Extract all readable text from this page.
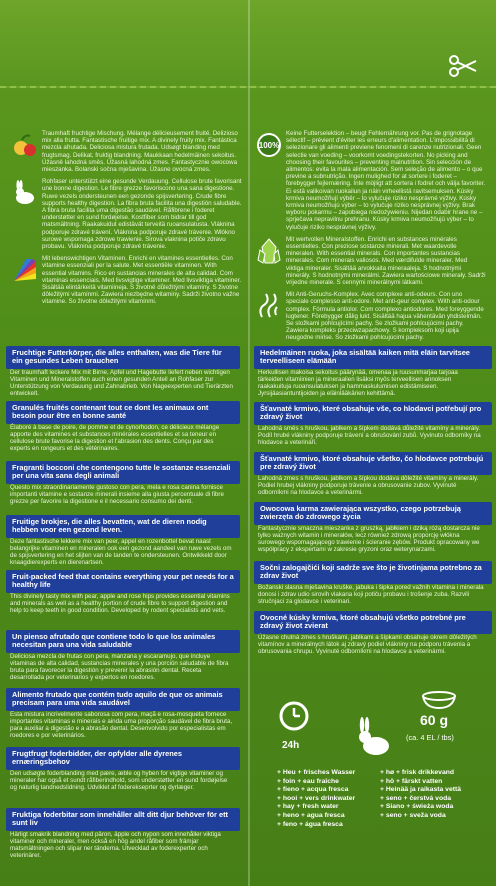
Traumhaft fruchtige Mischung. Mélange délicieusement fruité. Delizioso mix alla frutta. Fantastische fruitige mix. A divinely fruity mix. Fantástica mezcla afrutada. Deliciosa mistura frutada. Udsøgt blanding med frugtsmag. Delikat, fruktig blandning. Maukkaan hedelmäinen sekoitus. Úžasně lahodná směs. Úžasná lahodná zmes. Fantastycznie owocowa mieszanka. Bolanski sočna mješavina. Úžasne ovocná zmes.
Rohfaser unterstützt eine gesunde Verdauung. Cellulose brute favorisant une bonne digestion. Le fibre grezze favoriscono una sana digestione. Ruwe vezels ondersteunen een gezonde spijsvertering. Crude fibre supports healthy digestion. La fibra bruta facilita una digestión saludable. A fibra bruta facilita uma digestão saudável. Råfibrene i foderet understøtter en sund fordøjelse. Kostfiber som bidrar till god matsmältning. Raakakuidut edistävät terveitä ruoansulatusta. Vláknina podporuje zdravé trávení. Vláknina podporuje zdravé trávenie. Włókno surowe wspomaga zdrowe trawienie. Sirova vlaknina potiče zdravu probavu. Vláknina podporuje zdravé trávenie.
Mit lebenswichtigen Vitaminen. Enrichi en vitamines essentielles. Con vitamine essenziali per la salute. Met essentiële vitaminen. With essential vitamins. Rico en sustancias minerales de alta calidad. Com vitaminas essenciais. Med livsvigtige vitaminer. Med livsviktiga vitaminer. Sisältää elintärkeitä vitamiineja. S životně důležitými vitamíny. S životne dôležitými vitamínmi. Zawiera niezbędne witaminy. Sadrži životno važne vitamine. So životne dôležitými vitamínmi.
100%
Keine Futterselektion – beugt Fehlernährung vor. Pas de grignotage sélectif – prévient d'éviter les erreurs d'alimentation. L'impossibilità di selezionare gli alimenti previene fenomeni di carenze nutrizionali. Geen selectie van voeding – voorkomt voedingstekorten. No picking and choosing their favourites – preventing malnutrition. Sin selección de alimentos: evita la mala alimentación. Sem seleção de alimento – o que previne a subnutrição. Ingen mulighed for at sortere i foderet – forebygger fejlernæring. Inte möjligt att sortera i fodret och välja favoriter. Ei estä valikoivan ruokailun ja näin virheellistä ravitsemuksen. Kúsky krmiva neumožňují výběr – to vylučuje riziko nesprávné výživy. Kúsky krmiva neumožňujú výber – to vylučuje riziko nesprávnej výživy. Brak wyboru pokarmu – zapobiega niedożywieniu. Nijedan odabir hrane ne – sprječava nepravilnu prehranu. Kúsky krmiva neumožňujú výber – to vylučuje riziko nesprávnej výživy.
Mit wertvollen Mineralstoffen. Enrichi en substances minérales essentielles. Con preziose sostanze minerali. Met waardevolle mineralen. With essential minerals. Con importantes sustancias minerales. Com minerais valiosos. Med værdifulde mineraler. Med viktiga mineraler. Sisältää arvokkaita mineraaleja. S hodnotnými minerály. S hodnotnými minerálmi. Zawiera wartościowe minerały. Sadrži vrijedne minerale. S cennými minerálnymi látkami.
Mit Anti-Geruchs-Komplex. Avec complexe anti-odeurs. Con uno speciale complesso anti-odore. Met anti-geur complex. With anti-odour complex. Fórmula antiolor. Com complexo antiodores. Med foreyggende lugtener. Förebygger dålig lukt. Sisältää hajua vähentävän yhdistelmän. Se složkami pohlcujícími pachy. Se zložkami pohlcujúcimi pachy. Zawiera kompleks przeciwzapachowy. S kompleksom koji upija neugodne mirise. So zložkami pohlcujúcimi pachy.
Fruchtige Futterkörper, die alles enthalten, was die Tiere für ein gesundes Leben brauchen
Der traumhaft leckere Mix mit Birne, Apfel und Hagebutte liefert neben wichtigen Vitaminen und Mineralstoffen auch einen gesunden Anteil an Rohfaser zur Unterstützung von Verdauung und Zahnabrieb. Von Nageexperten und Tierärzten entwickelt.
Granulés fruités contenant tout ce dont les animaux ont besoin pour être en bonne santé
Élaboré à base de poire, de pomme et de cynorhodon, ce délicieux mélange apporte des vitamines et substances minérales essentielles et sa teneur en cellulose brute favorise la digestion et l'abrasion des dents. Conçu par des experts en rongeurs et des vétérinaires.
Fragranti bocconi che contengono tutte le sostanze essenziali per una vita sana degli animali
Questo mix straordinariamente gustoso con pera, mela e rosa canina fornisce importanti vitamine e sostanze minerali insieme alla giusta percentuale di fibre grezze per favorire la digestione e il necessario consumo dei denti.
Fruitige brokjes, die alles bevatten, wat de dieren nodig hebben voor een gezond leven.
Deze fantastische lekkere mix van peer, appel en rozenbottel bevat naast belangrijke vitaminen en mineralen ook een gezond aandeel van ruwe vezels om de spijsvertering en het slijten van de tanden te ondersteunen. Ontwikkeld door knaagdierexperts en dierenartsen.
Fruit-packed feed that contains everything your pet needs for a healthy life
This divinely tasty mix with pear, apple and rose hips provides essential vitamins and minerals as well as a healthy portion of crude fibre to support digestion and help to keep teeth in good condition. Developed by rodent specialists and vets.
Un pienso afrutado que contiene todo lo que los animales necesitan para una vida saludable
Deliciosa mezcla de frutas con pera, manzana y escaramujo, que incluye vitaminas de alta calidad, sustancias minerales y una porción saludable de fibra bruta para favorecer la digestión y prevenir la abrasión dental. Receta desarrollada por veterinarios y expertos en roedores.
Alimento frutado que contém tudo aquilo de que os animais precisam para uma vida saudável
Esta mistura incrivelmente saborosa com pera, maçã e rosa-mosqueta fornece importantes vitaminas e minerais e ainda uma proporção saudável de fibra bruta, para auxiliar a digestão e a abrasão dental. Desenvolvido por especialistas em roedores e por veterinários.
Frugtfrugt foderbidder, der opfylder alle dyrenes ernæringsbehov
Den udsøgte foderblanding med pære, æble og hyben for vigtige vitaminer og mineraler har også et sundt råfiberindhold, som understøtter en sund fordøjelse og naturlig tandnedslidning. Udviklet af foderekseprter og dyrlæger.
Fruktiga foderbitar som innehåller allt ditt djur behöver för ett sunt liv
Härligt smakrik blandning med päron, äpple och nypon som innehåller viktiga vitaminer och mineraler, men också en hög andel råfiber som främjar matsmältningen och slipar ner tänderna. Utvecklad av foderexperter och veterinärer.
Hedelmäinen ruoka, joka sisältää kaiken mitä eläin tarvitsee terveelliseen elämään
Herkullisen makoisa sekoitus päärynää, omenaa ja ruusunmarjaa tarjoaa tärkeiden vitamiinien ja mineraalien lisäksi myös terveellisen annoksen raakakuituja ruoansulatuksen ja hammaskulumisen edistämiseen. Jyrsijäasiantuntijoiden ja eläinlääkärien kehittämä.
Šťavnaté krmivo, které obsahuje vše, co hlodavci potřebují pro zdravý život
Lahodná směs s hruškou, jablkem a šípkem dodává důležité vitamíny a minerály. Podíl hrubé vlákniny podporuje trávení a obrušování zubů. Vyvinuto odborníky na hlodavce a veterináři.
Šťavnaté krmivo, ktoré obsahuje všetko, čo hlodavce potrebujú pre zdravý život
Lahodná zmes s hruškou, jablkom a šípkou dodáva dôležité vitamíny a minerály. Podiel hrubej vlákniny podporuje trávenie a obrusovanie zubov. Vyvinuté odborníkmi na hlodavce a veterinármi.
Owocowa karma zawierająca wszystko, czego potrzebują zwierzęta do zdrowego życia
Fantastycznie smaczna mieszanka z gruszką, jabłkiem i dziką różą dostarcza nie tylko ważnych witamin i minerałów, lecz również zdrową proporcję włókna surowego wspomagającego trawienie i ścieranie zębów. Produkt opracowany we współpracy z ekspertami w zakresie gryzoni oraz weterynarzami.
Sočni zalogajčići koji sadrže sve što je životinjama potrebno za zdrav život
Božanski slasna mješavina kruške, jabuka i šipka pored važnih vitamina i minerala donosi i zdrav udio sirovih vlakana koji potiču probavu i trošenje zuba. Razvili stručnjaci za glodavce i veterinari.
Ovocné kúsky krmiva, ktoré obsahujú všetko potrebné pre zdravý život zvierat
Úžasne chutná zmes s hruškami, jablkami a šípkami obsahuje okrem dôležitých vitamínov a minerálnych látok aj zdravý podiel vlákniny na podporu trávenia a obrusovania chrupu. Vyvinuté odborníkmi na hlodavce a veterinármi.
24h
60 g
(ca. 4 EL / tbs)
+ Heu + frisches Wasser
+ foin + eau fraîche
+ fieno + acqua fresca
+ hooi + vers drinkwater
+ hay + fresh water
+ heno + agua fresca
+ feno + água fresca
+ hø + frisk drikkevand
+ hö + färskt vatten
+ Heinää ja raikasta vettä
+ seno + čerstvá voda
+ Siano + świeża woda
+ seno + sveža voda
